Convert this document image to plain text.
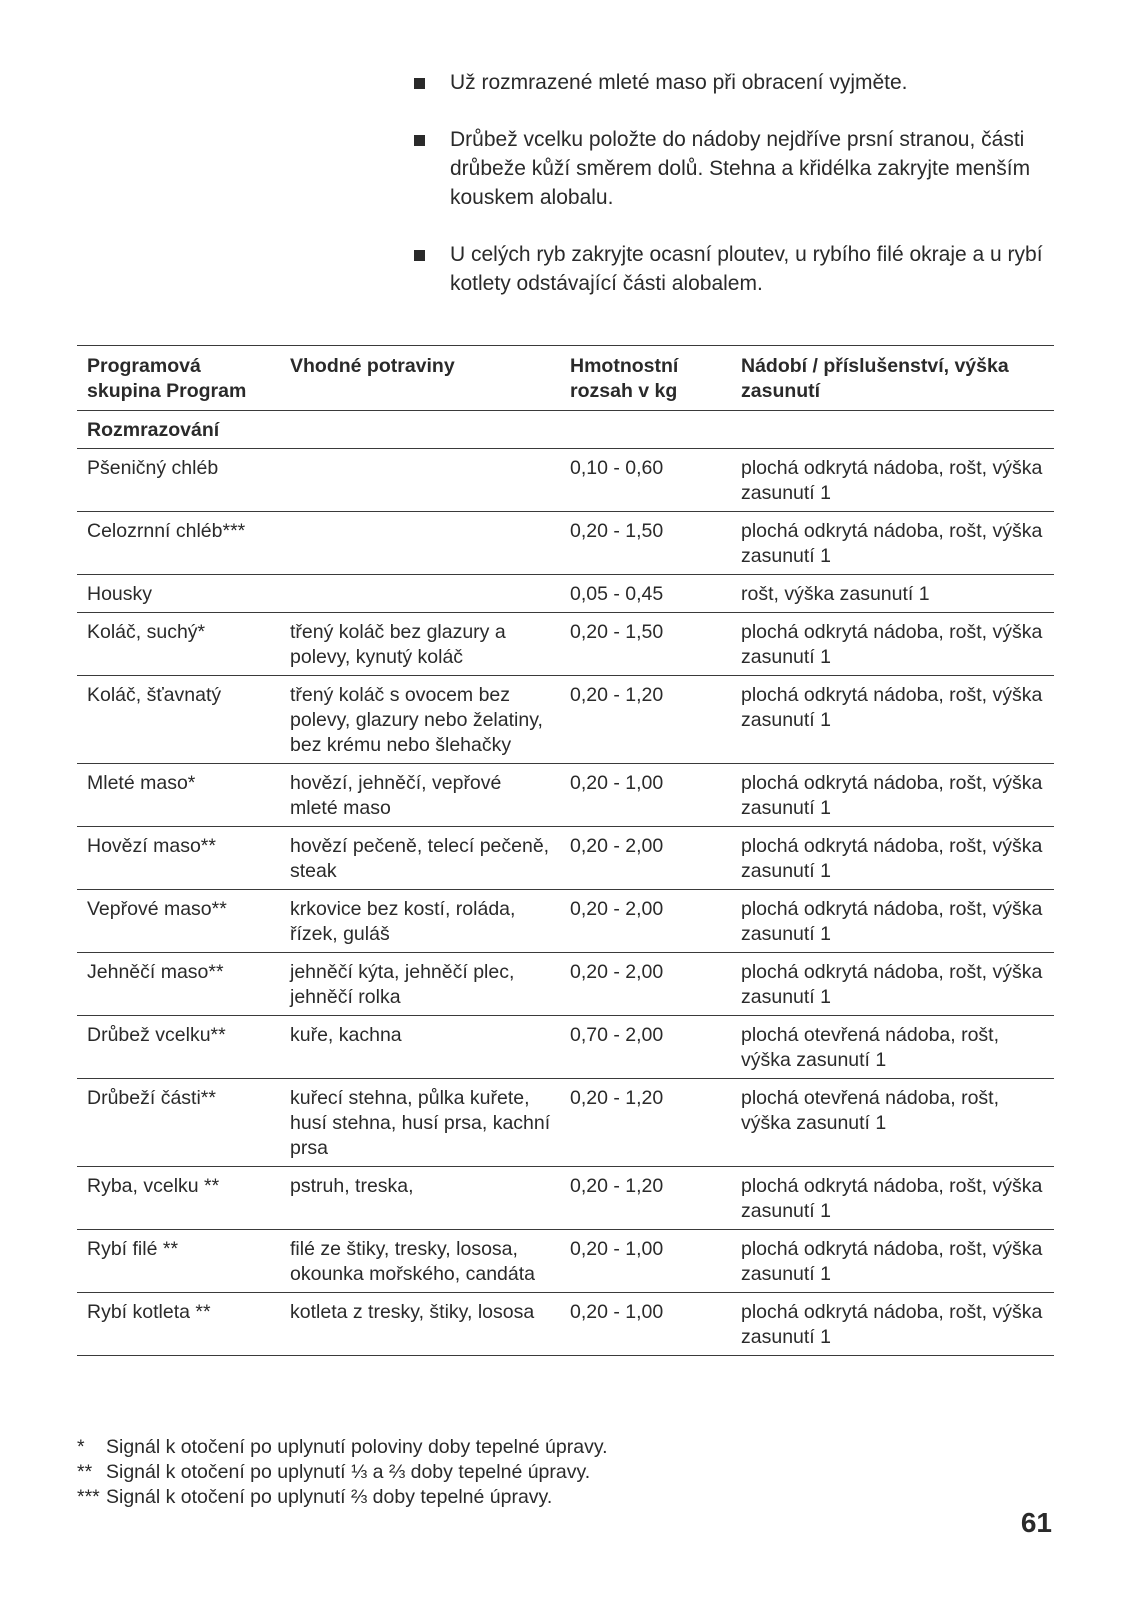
Už rozmrazené mleté maso při obracení vyjměte.
Drůbež vcelku položte do nádoby nejdříve prsní stranou, části drůbeže kůží směrem dolů. Stehna a křidélka zakryjte menším kouskem alobalu.
U celých ryb zakryjte ocasní ploutev, u rybího filé okraje a u rybí kotlety odstávající části alobalem.
Programová skupina Program	Vhodné potraviny	Hmotnostní rozsah v kg	Nádobí / příslušenství, výška zasunutí
Rozmrazování			
Pšeničný chléb		0,10 - 0,60	plochá odkrytá nádoba, rošt, výška zasunutí 1
Celozrnní chléb***		0,20 - 1,50	plochá odkrytá nádoba, rošt, výška zasunutí 1
Housky		0,05 - 0,45	rošt, výška zasunutí 1
Koláč, suchý*	třený koláč bez glazury a polevy, kynutý koláč	0,20 - 1,50	plochá odkrytá nádoba, rošt, výška zasunutí 1
Koláč, šťavnatý	třený koláč s ovocem bez polevy, glazury nebo želatiny, bez krému nebo šlehačky	0,20 - 1,20	plochá odkrytá nádoba, rošt, výška zasunutí 1
Mleté maso*	hovězí, jehněčí, vepřové mleté maso	0,20 - 1,00	plochá odkrytá nádoba, rošt, výška zasunutí 1
Hovězí maso**	hovězí pečeně, telecí pečeně, steak	0,20 - 2,00	plochá odkrytá nádoba, rošt, výška zasunutí 1
Vepřové maso**	krkovice bez kostí, roláda, řízek, guláš	0,20 - 2,00	plochá odkrytá nádoba, rošt, výška zasunutí 1
Jehněčí maso**	jehněčí kýta, jehněčí plec, jehněčí rolka	0,20 - 2,00	plochá odkrytá nádoba, rošt, výška zasunutí 1
Drůbež vcelku**	kuře, kachna	0,70 - 2,00	plochá otevřená nádoba, rošt, výška zasunutí 1
Drůbeží části**	kuřecí stehna, půlka kuřete, husí stehna, husí prsa, kachní prsa	0,20 - 1,20	plochá otevřená nádoba, rošt, výška zasunutí 1
Ryba, vcelku **	pstruh, treska,	0,20 - 1,20	plochá odkrytá nádoba, rošt, výška zasunutí 1
Rybí filé **	filé ze štiky, tresky, lososa, okounka mořského, candáta	0,20 - 1,00	plochá odkrytá nádoba, rošt, výška zasunutí 1
Rybí kotleta **	kotleta z tresky, štiky, lososa	0,20 - 1,00	plochá odkrytá nádoba, rošt, výška zasunutí 1
*	Signál k otočení po uplynutí poloviny doby tepelné úpravy.
** Signál k otočení po uplynutí ⅓ a ⅔ doby tepelné úpravy.
*** Signál k otočení po uplynutí ⅔ doby tepelné úpravy.
61
